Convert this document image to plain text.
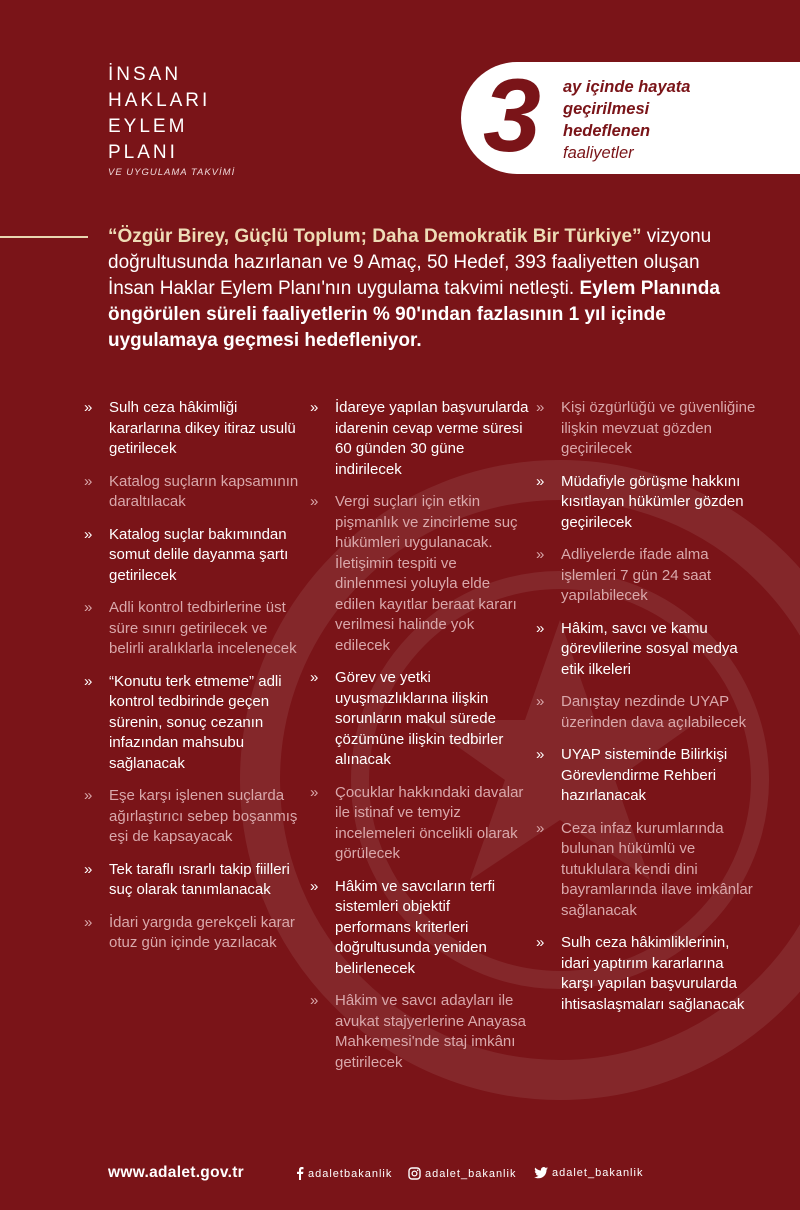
İNSAN
HAKLARI
EYLEM
PLANI
VE UYGULAMA TAKVİMİ 3 ay içinde hayata
geçirilmesi
hedeflenen
faaliyetler
“Özgür Birey, Güçlü Toplum; Daha Demokratik Bir Türkiye” vizyonu doğrultusunda hazırlanan ve 9 Amaç, 50 Hedef, 393 faaliyetten oluşan İnsan Haklar Eylem Planı'nın uygulama takvimi netleşti. Eylem Planında öngörülen süreli faaliyetlerin % 90'ından fazlasının 1 yıl içinde uygulamaya geçmesi hedefleniyor.
» Sulh ceza hâkimliği kararlarına dikey itiraz usulü getirilecek
» Katalog suçların kapsamının daraltılacak
» Katalog suçlar bakımından somut delile dayanma şartı getirilecek
» Adli kontrol tedbirlerine üst süre sınırı getirilecek ve belirli aralıklarla incelenecek
» “Konutu terk etmeme” adli kontrol tedbirinde geçen sürenin, sonuç cezanın infazından mahsubu sağlanacak
» Eşe karşı işlenen suçlarda ağırlaştırıcı sebep boşanmış eşi de kapsayacak
» Tek taraflı ısrarlı takip fiilleri suç olarak tanımlanacak
» İdari yargıda gerekçeli karar otuz gün içinde yazılacak
» İdareye yapılan başvurularda idarenin cevap verme süresi 60 günden 30 güne indirilecek
» Vergi suçları için etkin pişmanlık ve zincirleme suç hükümleri uygulanacak. İletişimin tespiti ve dinlenmesi yoluyla elde edilen kayıtlar beraat kararı verilmesi halinde yok edilecek
» Görev ve yetki uyuşmazlıklarına ilişkin sorunların makul sürede çözümüne ilişkin tedbirler alınacak
» Çocuklar hakkındaki davalar ile istinaf ve temyiz incelemeleri öncelikli olarak görülecek
» Hâkim ve savcıların terfi sistemleri objektif performans kriterleri doğrultusunda yeniden belirlenecek
» Hâkim ve savcı adayları ile avukat stajyerlerine Anayasa Mahkemesi'nde staj imkânı getirilecek
» Kişi özgürlüğü ve güvenliğine ilişkin mevzuat gözden geçirilecek
» Müdafiyle görüşme hakkını kısıtlayan hükümler gözden geçirilecek
» Adliyelerde ifade alma işlemleri 7 gün 24 saat yapılabilecek
» Hâkim, savcı ve kamu görevlilerine sosyal medya etik ilkeleri
» Danıştay nezdinde UYAP üzerinden dava açılabilecek
» UYAP sisteminde Bilirkişi Görevlendirme Rehberi hazırlanacak
» Ceza infaz kurumlarında bulunan hükümlü ve tutuklulara kendi dini bayramlarında ilave imkânlar sağlanacak
» Sulh ceza hâkimliklerinin, idari yaptırım kararlarına karşı yapılan başvurularda ihtisaslaşmaları sağlanacak
www.adalet.gov.tr	adaletbakanlik	adalet_bakanlik	adalet_bakanlik
